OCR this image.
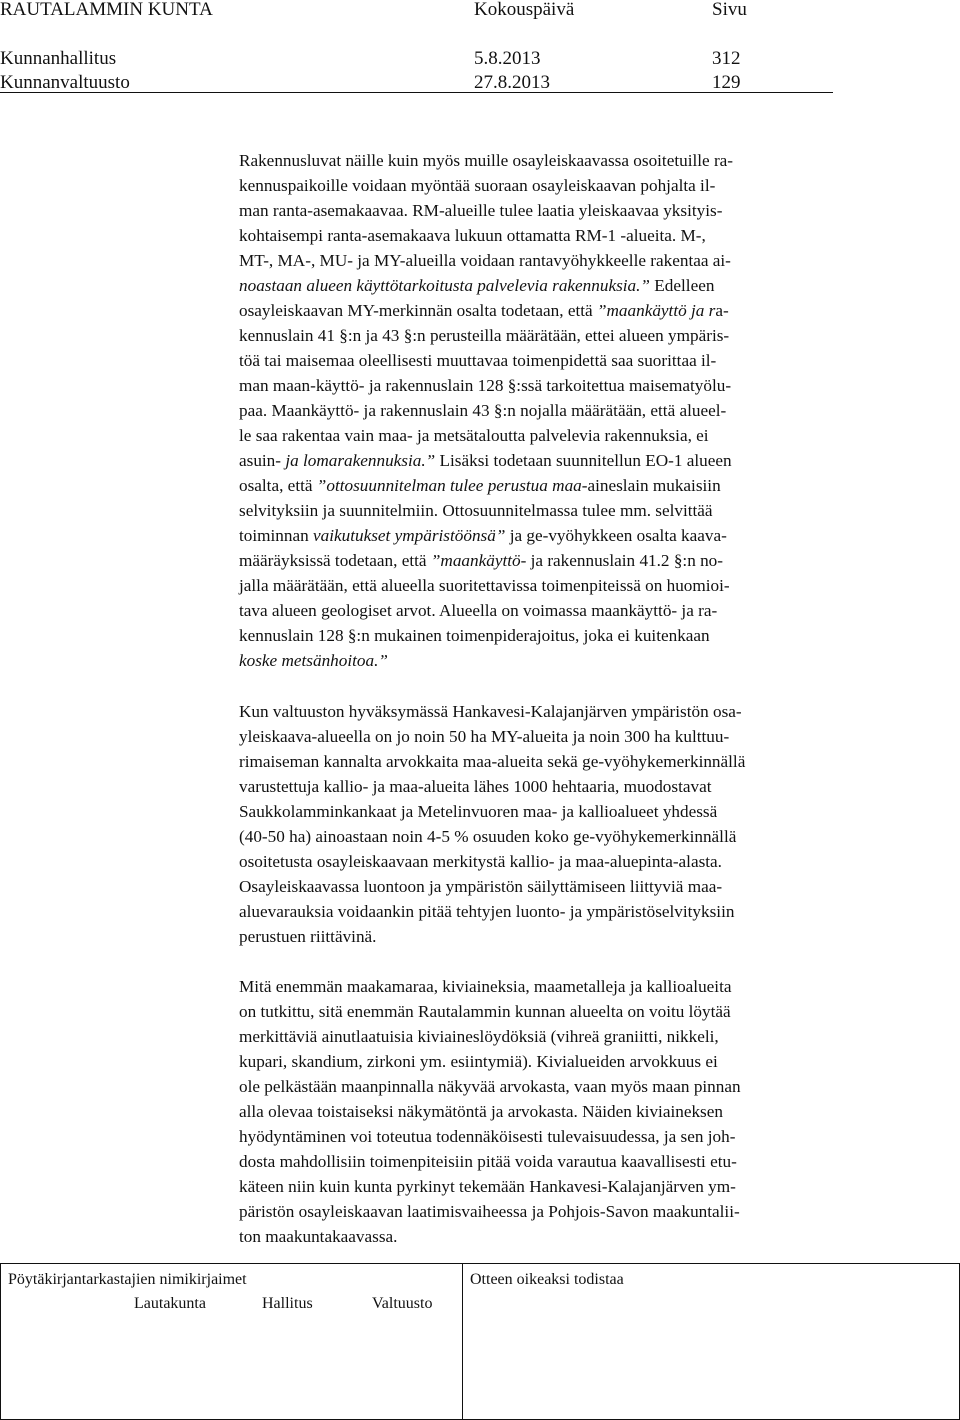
RAUTALAMMIN KUNTA	Kokouspäivä	Sivu
Kunnanhallitus	5.8.2013	312
Kunnanvaltuusto	27.8.2013	129
Rakennusluvat näille kuin myös muille osayleiskaavassa osoitetuille ra-
kennuspaikoille voidaan myöntää suoraan osayleiskaavan pohjalta il-
man ranta-asemakaavaa. RM-alueille tulee laatia yleiskaavaa yksityis-
kohtaisempi ranta-asemakaava lukuun ottamatta RM-1 -alueita. M-,
MT-, MA-, MU- ja MY-alueilla voidaan rantavyöhykkeelle rakentaa ai-
noastaan alueen käyttötarkoitusta palvelevia rakennuksia.” Edelleen
osayleiskaavan MY-merkinnän osalta todetaan, että ”maankäyttö ja ra-
kennuslain 41 §:n ja 43 §:n perusteilla määrätään, ettei alueen ympäris-
töä tai maisemaa oleellisesti muuttavaa toimenpidettä saa suorittaa il-
man maan-käyttö- ja rakennuslain 128 §:ssä tarkoitettua maisematyölu-
paa. Maankäyttö- ja rakennuslain 43 §:n nojalla määrätään, että alueel-
le saa rakentaa vain maa- ja metsätaloutta palvelevia rakennuksia, ei
asuin- ja lomarakennuksia.” Lisäksi todetaan suunnitellun EO-1 alueen
osalta, että ”ottosuunnitelman tulee perustua maa-aineslain mukaisiin
selvityksiin ja suunnitelmiin. Ottosuunnitelmassa tulee mm. selvittää
toiminnan vaikutukset ympäristöönsä” ja ge-vyöhykkeen osalta kaava-
määräyksissä todetaan, että ”maankäyttö- ja rakennuslain 41.2 §:n no-
jalla määrätään, että alueella suoritettavissa toimenpiteissä on huomioi-
tava alueen geologiset arvot. Alueella on voimassa maankäyttö- ja ra-
kennuslain 128 §:n mukainen toimenpiderajoitus, joka ei kuitenkaan
koske metsänhoitoa.”
Kun valtuuston hyväksymässä Hankavesi-Kalajanjärven ympäristön osa-
yleiskaava-alueella on jo noin 50 ha MY-alueita ja noin 300 ha kulttuu-
rimaiseman kannalta arvokkaita maa-alueita sekä ge-vyöhykemerkinnällä
varustettuja kallio- ja maa-alueita lähes 1000 hehtaaria, muodostavat
Saukkolamminkankaat ja Metelinvuoren maa- ja kallioalueet yhdessä
(40-50 ha) ainoastaan noin 4-5 % osuuden koko ge-vyöhykemerkinnällä
osoitetusta osayleiskaavaan merkitystä kallio- ja maa-aluepinta-alasta.
Osayleiskaavassa luontoon ja ympäristön säilyttämiseen liittyviä maa-
aluevarauksia voidaankin pitää tehtyjen luonto- ja ympäristöselvityksiin
perustuen riittävinä.
Mitä enemmän maakamaraa, kiviaineksia, maametalleja ja kallioalueita
on tutkittu, sitä enemmän Rautalammin kunnan alueelta on voitu löytää
merkittäviä ainutlaatuisia kiviaineslöydöksiä (vihreä graniitti, nikkeli,
kupari, skandium, zirkoni ym. esiintymiä). Kivialueiden arvokkuus ei
ole pelkästään maanpinnalla näkyvää arvokasta, vaan myös maan pinnan
alla olevaa toistaiseksi näkymätöntä ja arvokasta. Näiden kiviaineksen
hyödyntäminen voi toteutua todennäköisesti tulevaisuudessa, ja sen joh-
dosta mahdollisiin toimenpiteisiin pitää voida varautua kaavallisesti etu-
käteen niin kuin kunta pyrkinyt tekemään Hankavesi-Kalajanjärven ym-
päristön osayleiskaavan laatimisvaiheessa ja Pohjois-Savon maakuntalii-
ton maakuntakaavassa.
Pöytäkirjantarkastajien nimikirjaimet
Lautakunta	Hallitus	Valtuusto
Otteen oikeaksi todistaa
